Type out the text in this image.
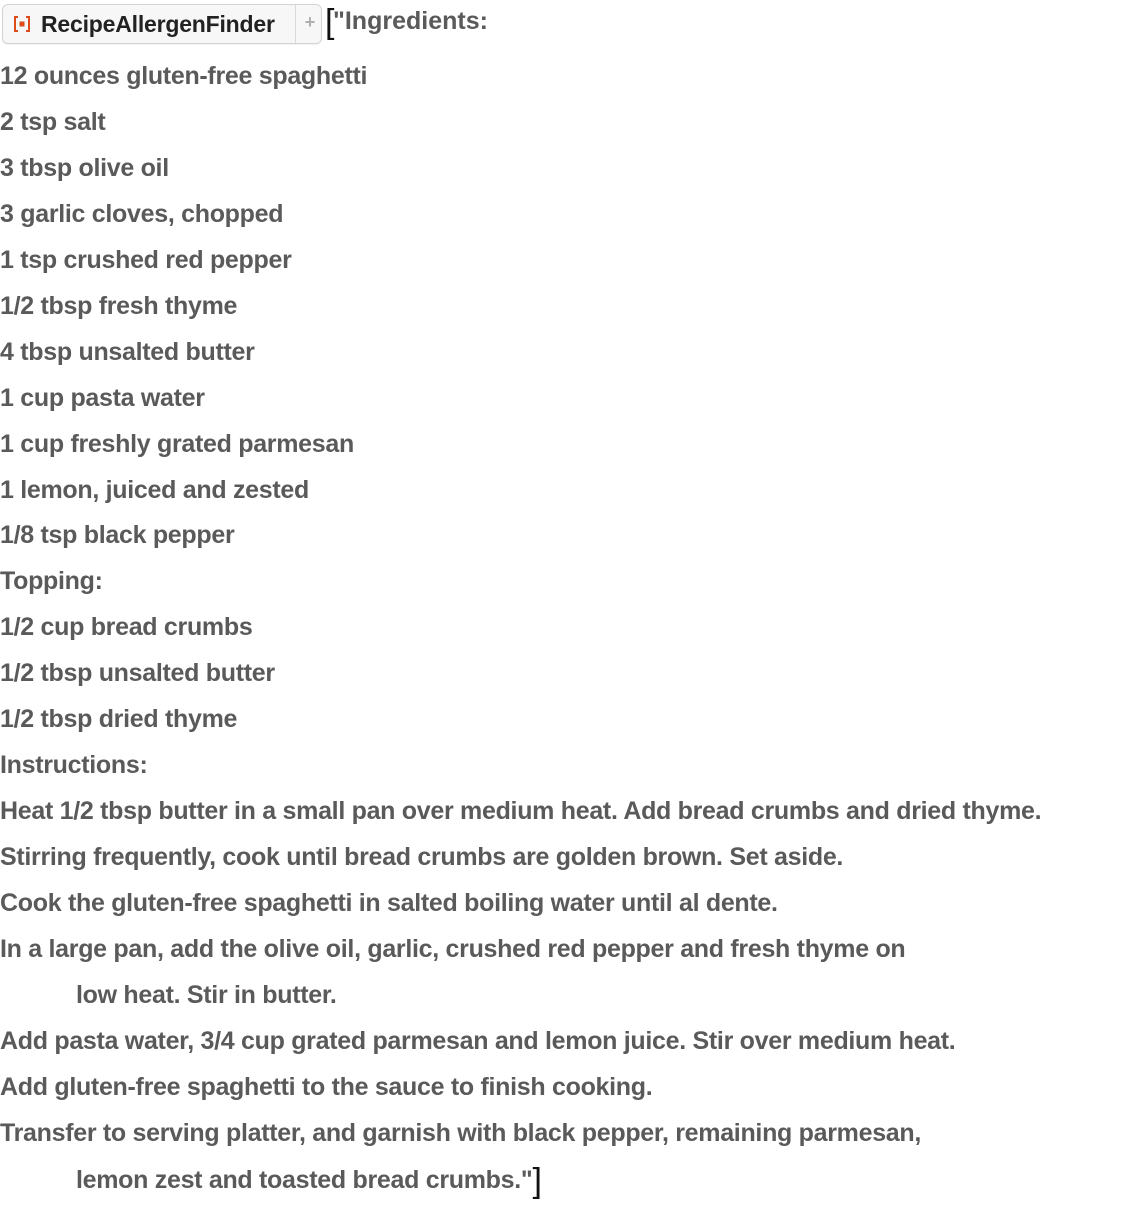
RecipeAllergenFinder	+ [
"Ingredients:
12 ounces gluten-free spaghetti
2 tsp salt
3 tbsp olive oil
3 garlic cloves, chopped
1 tsp crushed red pepper
1/2 tbsp fresh thyme
4 tbsp unsalted butter
1 cup pasta water
1 cup freshly grated parmesan
1 lemon, juiced and zested
1/8 tsp black pepper
Topping:
1/2 cup bread crumbs
1/2 tbsp unsalted butter
1/2 tbsp dried thyme
Instructions:
Heat 1/2 tbsp butter in a small pan over medium heat. Add bread crumbs and dried thyme.
Stirring frequently, cook until bread crumbs are golden brown. Set aside.
Cook the gluten-free spaghetti in salted boiling water until al dente.
In a large pan, add the olive oil, garlic, crushed red pepper and fresh thyme on
low heat. Stir in butter.
Add pasta water, 3/4 cup grated parmesan and lemon juice. Stir over medium heat.
Add gluten-free spaghetti to the sauce to finish cooking.
Transfer to serving platter, and garnish with black pepper, remaining parmesan,
lemon zest and toasted bread crumbs."]
